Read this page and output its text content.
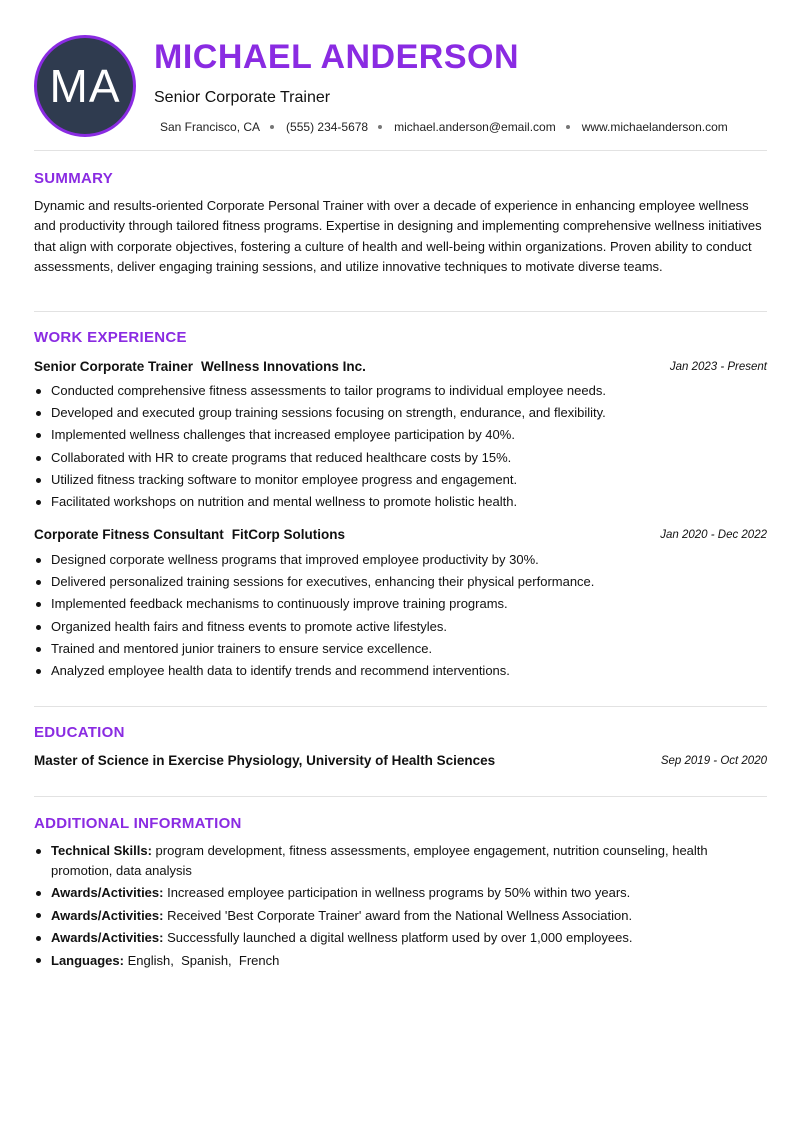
MA
MICHAEL ANDERSON
Senior Corporate Trainer
San Francisco, CA (555) 234-5678 michael.anderson@email.com www.michaelanderson.com
SUMMARY
Dynamic and results-oriented Corporate Personal Trainer with over a decade of experience in enhancing employee wellness and productivity through tailored fitness programs. Expertise in designing and implementing comprehensive wellness initiatives that align with corporate objectives, fostering a culture of health and well-being within organizations. Proven ability to conduct assessments, deliver engaging training sessions, and utilize innovative techniques to motivate diverse teams.
WORK EXPERIENCE
Senior Corporate Trainer Wellness Innovations Inc.	Jan 2023 - Present
Conducted comprehensive fitness assessments to tailor programs to individual employee needs.
Developed and executed group training sessions focusing on strength, endurance, and flexibility.
Implemented wellness challenges that increased employee participation by 40%.
Collaborated with HR to create programs that reduced healthcare costs by 15%.
Utilized fitness tracking software to monitor employee progress and engagement.
Facilitated workshops on nutrition and mental wellness to promote holistic health.
Corporate Fitness Consultant FitCorp Solutions	Jan 2020 - Dec 2022
Designed corporate wellness programs that improved employee productivity by 30%.
Delivered personalized training sessions for executives, enhancing their physical performance.
Implemented feedback mechanisms to continuously improve training programs.
Organized health fairs and fitness events to promote active lifestyles.
Trained and mentored junior trainers to ensure service excellence.
Analyzed employee health data to identify trends and recommend interventions.
EDUCATION
Master of Science in Exercise Physiology, University of Health Sciences	Sep 2019 - Oct 2020
ADDITIONAL INFORMATION
Technical Skills: program development, fitness assessments, employee engagement, nutrition counseling, health promotion, data analysis
Awards/Activities: Increased employee participation in wellness programs by 50% within two years.
Awards/Activities: Received 'Best Corporate Trainer' award from the National Wellness Association.
Awards/Activities: Successfully launched a digital wellness platform used by over 1,000 employees.
Languages: English,  Spanish,  French
